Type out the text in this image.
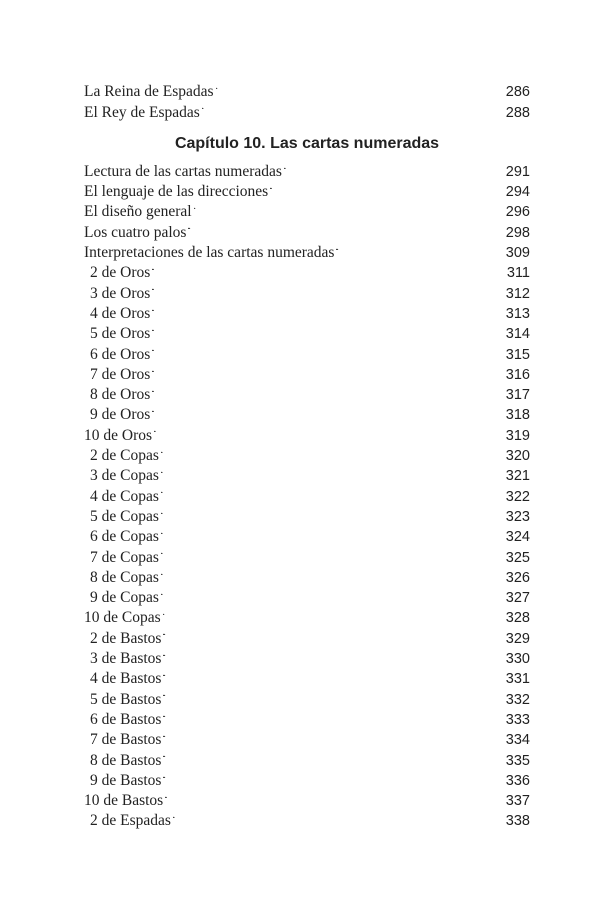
La Reina de Espadas . . .	286
El Rey de Espadas . . .	288
Capítulo 10. Las cartas numeradas
Lectura de las cartas numeradas . . .	291
El lenguaje de las direcciones . . .	294
El diseño general . . .	296
Los cuatro palos . . .	298
Interpretaciones de las cartas numeradas . . .	309
2 de Oros . . .	311
3 de Oros . . .	312
4 de Oros . . .	313
5 de Oros . . .	314
6 de Oros . . .	315
7 de Oros . . .	316
8 de Oros . . .	317
9 de Oros . . .	318
10 de Oros . . .	319
2 de Copas . . .	320
3 de Copas . . .	321
4 de Copas . . .	322
5 de Copas . . .	323
6 de Copas . . .	324
7 de Copas . . .	325
8 de Copas . . .	326
9 de Copas . . .	327
10 de Copas . . .	328
2 de Bastos . . .	329
3 de Bastos . . .	330
4 de Bastos . . .	331
5 de Bastos . . .	332
6 de Bastos . . .	333
7 de Bastos . . .	334
8 de Bastos . . .	335
9 de Bastos . . .	336
10 de Bastos . . .	337
2 de Espadas . . .	338
